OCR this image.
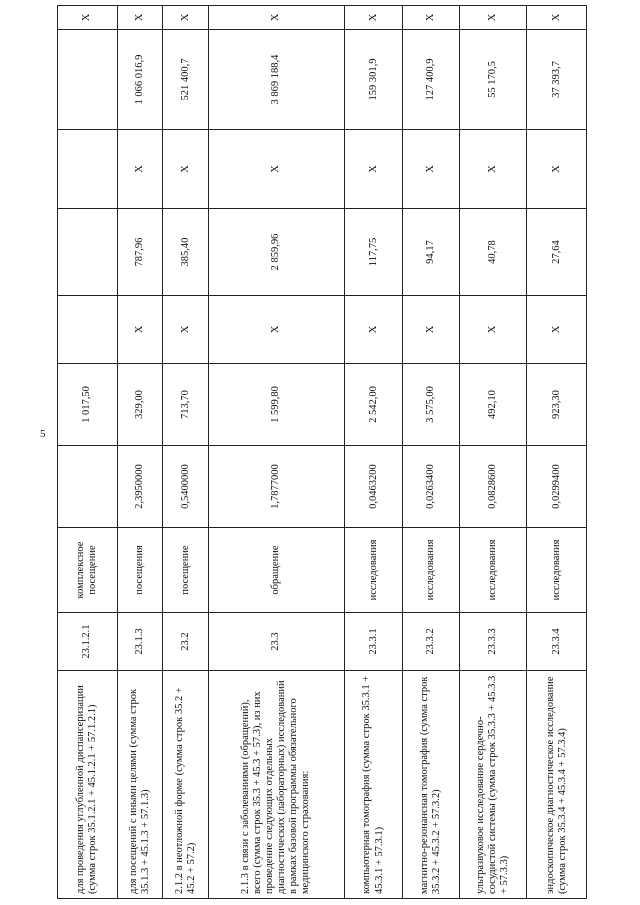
5
для проведения углубленной диспансеризации (сумма строк 35.1.2.1 + 45.1.2.1 + 57.1.2.1)	23.1.2.1	комплексное посещение		1 017,50					X
для посещений с иными целями (сумма строк 35.1.3 + 45.1.3 + 57.1.3)	23.1.3	посещения	2,3950000	329,00	X	787,96	X	1 066 016,9	X
2.1.2 в неотложной форме (сумма строк 35.2 + 45.2 + 57.2)	23.2	посещение	0,5400000	713,70	X	385,40	X	521 400,7	X
2.1.3 в связи с заболеваниями (обращений), всего (сумма строк 35.3 + 45.3 + 57.3), из них проведение следующих отдельных диагностических (лабораторных) исследований в рамках базовой программы обязательного медицинского страхования:	23.3	обращение	1,7877000	1 599,80	X	2 859,96	X	3 869 188,4	X
компьютерная томография (сумма строк 35.3.1 + 45.3.1 + 57.3.1)	23.3.1	исследования	0,0463200	2 542,00	X	117,75	X	159 301,9	X
магнитно-резонансная томография (сумма строк 35.3.2 + 45.3.2 + 57.3.2)	23.3.2	исследования	0,0263400	3 575,00	X	94,17	X	127 400,9	X
ультразвуковое исследование сердечно-сосудистой системы (сумма строк 35.3.3 + 45.3.3 + 57.3.3)	23.3.3	исследования	0,0828600	492,10	X	40,78	X	55 170,5	X
эндоскопическое диагностическое исследование (сумма строк 35.3.4 + 45.3.4 + 57.3.4)	23.3.4	исследования	0,0299400	923,30	X	27,64	X	37 393,7	X
